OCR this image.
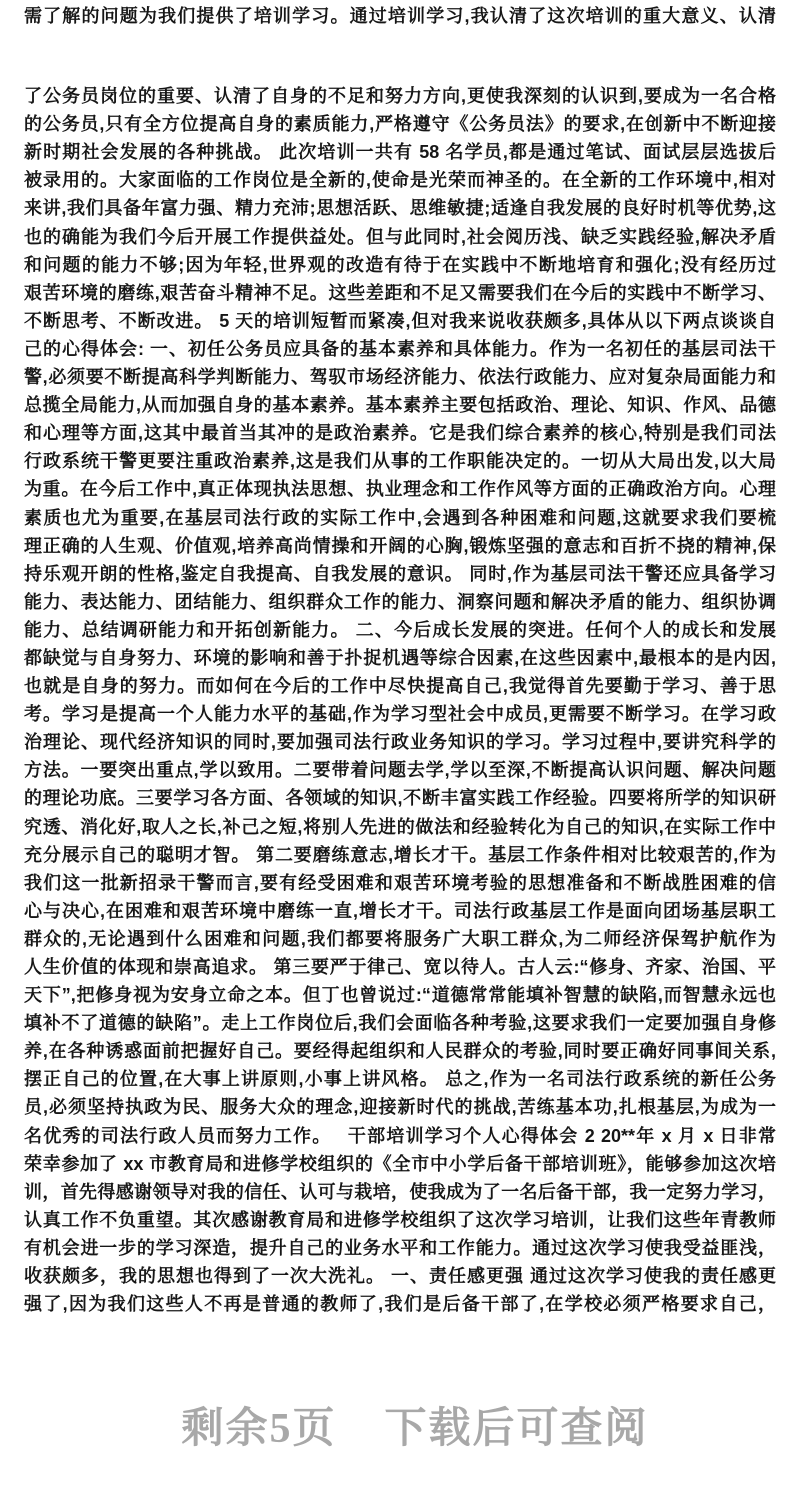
需了解的问题为我们提供了培训学习。通过培训学习,我认清了这次培训的重大意义、认清
了公务员岗位的重要、认清了自身的不足和努力方向,更使我深刻的认识到,要成为一名合格
的公务员,只有全方位提高自身的素质能力,严格遵守《公务员法》的要求,在创新中不断迎接
新时期社会发展的各种挑战。 此次培训一共有 58 名学员,都是通过笔试、面试层层选拔后
被录用的。大家面临的工作岗位是全新的,使命是光荣而神圣的。在全新的工作环境中,相对
来讲,我们具备年富力强、精力充沛;思想活跃、思维敏捷;适逢自我发展的良好时机等优势,这
也的确能为我们今后开展工作提供益处。但与此同时,社会阅历浅、缺乏实践经验,解决矛盾
和问题的能力不够;因为年轻,世界观的改造有待于在实践中不断地培育和强化;没有经历过
艰苦环境的磨练,艰苦奋斗精神不足。这些差距和不足又需要我们在今后的实践中不断学习、
不断思考、不断改进。 5 天的培训短暂而紧凑,但对我来说收获颇多,具体从以下两点谈谈自
己的心得体会: 一、初任公务员应具备的基本素养和具体能力。作为一名初任的基层司法干
警,必须要不断提高科学判断能力、驾驭市场经济能力、依法行政能力、应对复杂局面能力和
总揽全局能力,从而加强自身的基本素养。基本素养主要包括政治、理论、知识、作风、品德
和心理等方面,这其中最首当其冲的是政治素养。它是我们综合素养的核心,特别是我们司法
行政系统干警更要注重政治素养,这是我们从事的工作职能决定的。一切从大局出发,以大局
为重。在今后工作中,真正体现执法思想、执业理念和工作作风等方面的正确政治方向。心理
素质也尤为重要,在基层司法行政的实际工作中,会遇到各种困难和问题,这就要求我们要梳
理正确的人生观、价值观,培养高尚情操和开阔的心胸,锻炼坚强的意志和百折不挠的精神,保
持乐观开朗的性格,鉴定自我提高、自我发展的意识。 同时,作为基层司法干警还应具备学习
能力、表达能力、团结能力、组织群众工作的能力、洞察问题和解决矛盾的能力、组织协调
能力、总结调研能力和开拓创新能力。 二、今后成长发展的突进。任何个人的成长和发展
都缺觉与自身努力、环境的影响和善于扑捉机遇等综合因素,在这些因素中,最根本的是内因,
也就是自身的努力。而如何在今后的工作中尽快提高自己,我觉得首先要勤于学习、善于思
考。学习是提高一个人能力水平的基础,作为学习型社会中成员,更需要不断学习。在学习政
治理论、现代经济知识的同时,要加强司法行政业务知识的学习。学习过程中,要讲究科学的
方法。一要突出重点,学以致用。二要带着问题去学,学以至深,不断提高认识问题、解决问题
的理论功底。三要学习各方面、各领域的知识,不断丰富实践工作经验。四要将所学的知识研
究透、消化好,取人之长,补己之短,将别人先进的做法和经验转化为自己的知识,在实际工作中
充分展示自己的聪明才智。 第二要磨练意志,增长才干。基层工作条件相对比较艰苦的,作为
我们这一批新招录干警而言,要有经受困难和艰苦环境考验的思想准备和不断战胜困难的信
心与决心,在困难和艰苦环境中磨练一直,增长才干。司法行政基层工作是面向团场基层职工
群众的,无论遇到什么困难和问题,我们都要将服务广大职工群众,为二师经济保驾护航作为
人生价值的体现和崇高追求。 第三要严于律己、宽以待人。古人云:“修身、齐家、治国、平
天下”,把修身视为安身立命之本。但丁也曾说过:“道德常常能填补智慧的缺陷,而智慧永远也
填补不了道德的缺陷”。走上工作岗位后,我们会面临各种考验,这要求我们一定要加强自身修
养,在各种诱惑面前把握好自己。要经得起组织和人民群众的考验,同时要正确好同事间关系,
摆正自己的位置,在大事上讲原则,小事上讲风格。 总之,作为一名司法行政系统的新任公务
员,必须坚持执政为民、服务大众的理念,迎接新时代的挑战,苦练基本功,扎根基层,为成为一
名优秀的司法行政人员而努力工作。　 干部培训学习个人心得体会 2 20**年 x 月 x 日非常
荣幸参加了 xx 市教育局和进修学校组织的《全市中小学后备干部培训班》，能够参加这次培
训，首先得感谢领导对我的信任、认可与栽培，使我成为了一名后备干部，我一定努力学习，
认真工作不负重望。其次感谢教育局和进修学校组织了这次学习培训，让我们这些年青教师
有机会进一步的学习深造，提升自己的业务水平和工作能力。通过这次学习使我受益匪浅，
收获颇多，我的思想也得到了一次大洗礼。 一、责任感更强 通过这次学习使我的责任感更
强了,因为我们这些人不再是普通的教师了,我们是后备干部了,在学校必须严格要求自己，
剩余5页 下载后可查阅
